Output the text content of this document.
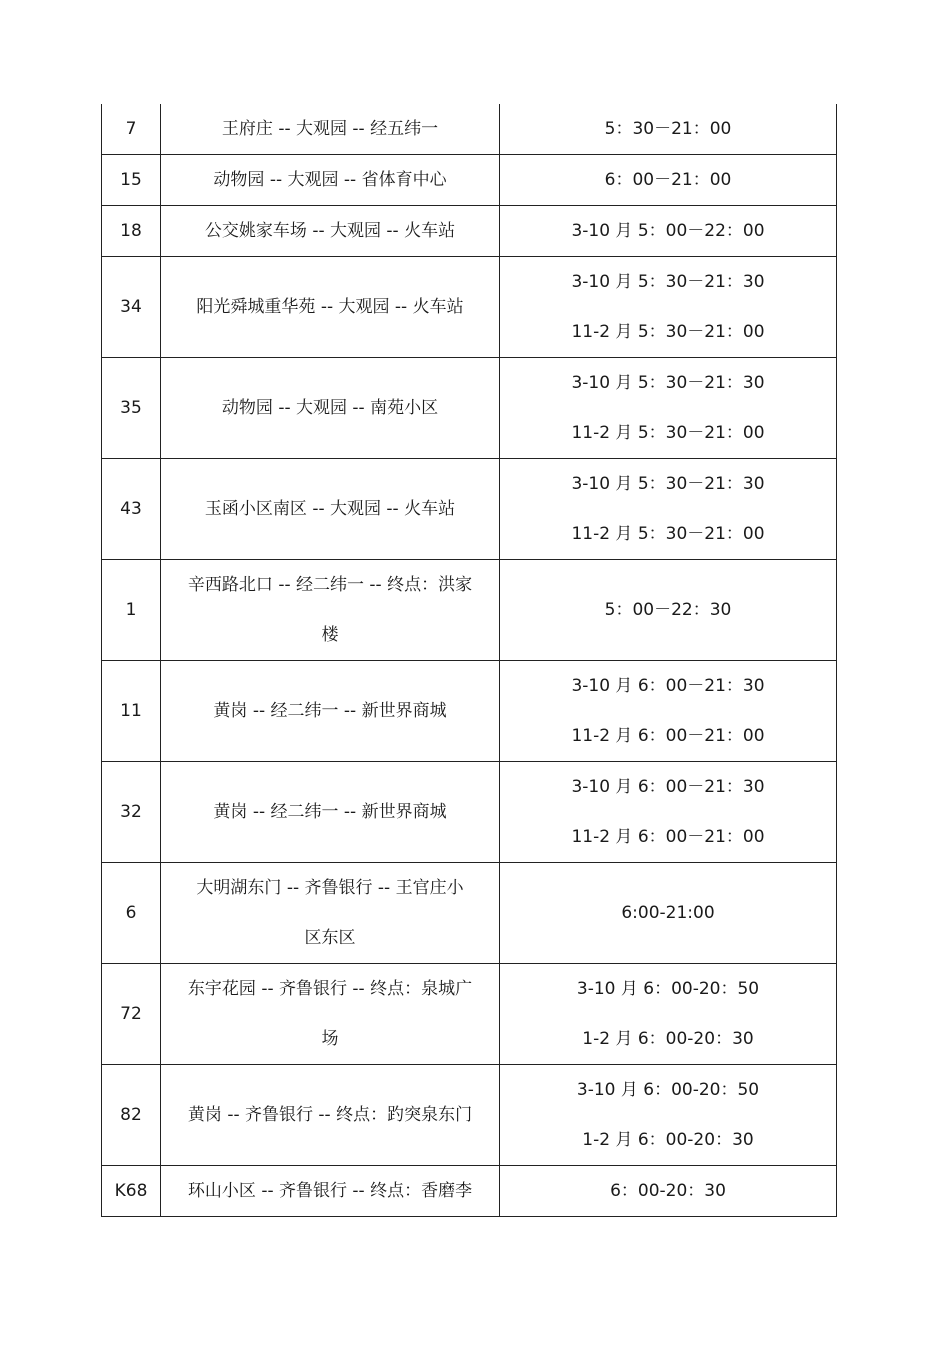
7	王府庄 -- 大观园 -- 经五纬一	5：30－21：00

15	动物园 -- 大观园 -- 省体育中心	6：00－21：00

18	公交姚家车场 -- 大观园 -- 火车站	3-10 月 5：00－22：00

34	阳光舜城重华苑 -- 大观园 -- 火车站	3-10 月 5：30－21：30
11-2 月 5：30－21：00

35	动物园 -- 大观园 -- 南苑小区	3-10 月 5：30－21：30
11-2 月 5：30－21：00

43	玉函小区南区 -- 大观园 -- 火车站	3-10 月 5：30－21：30
11-2 月 5：30－21：00

1	辛西路北口 -- 经二纬一 -- 终点：洪家
楼	5：00－22：30

11	黄岗 -- 经二纬一 -- 新世界商城	3-10 月 6：00－21：30
11-2 月 6：00－21：00

32	黄岗 -- 经二纬一 -- 新世界商城	3-10 月 6：00－21：30
11-2 月 6：00－21：00

6	大明湖东门 -- 齐鲁银行 -- 王官庄小
区东区	6:00-21:00

72	东宇花园 -- 齐鲁银行 -- 终点：泉城广
场	3-10 月 6：00-20：50
1-2 月 6：00-20：30

82	黄岗 -- 齐鲁银行 -- 终点：趵突泉东门	3-10 月 6：00-20：50
1-2 月 6：00-20：30

K68	环山小区 -- 齐鲁银行 -- 终点：香磨李	6：00-20：30
